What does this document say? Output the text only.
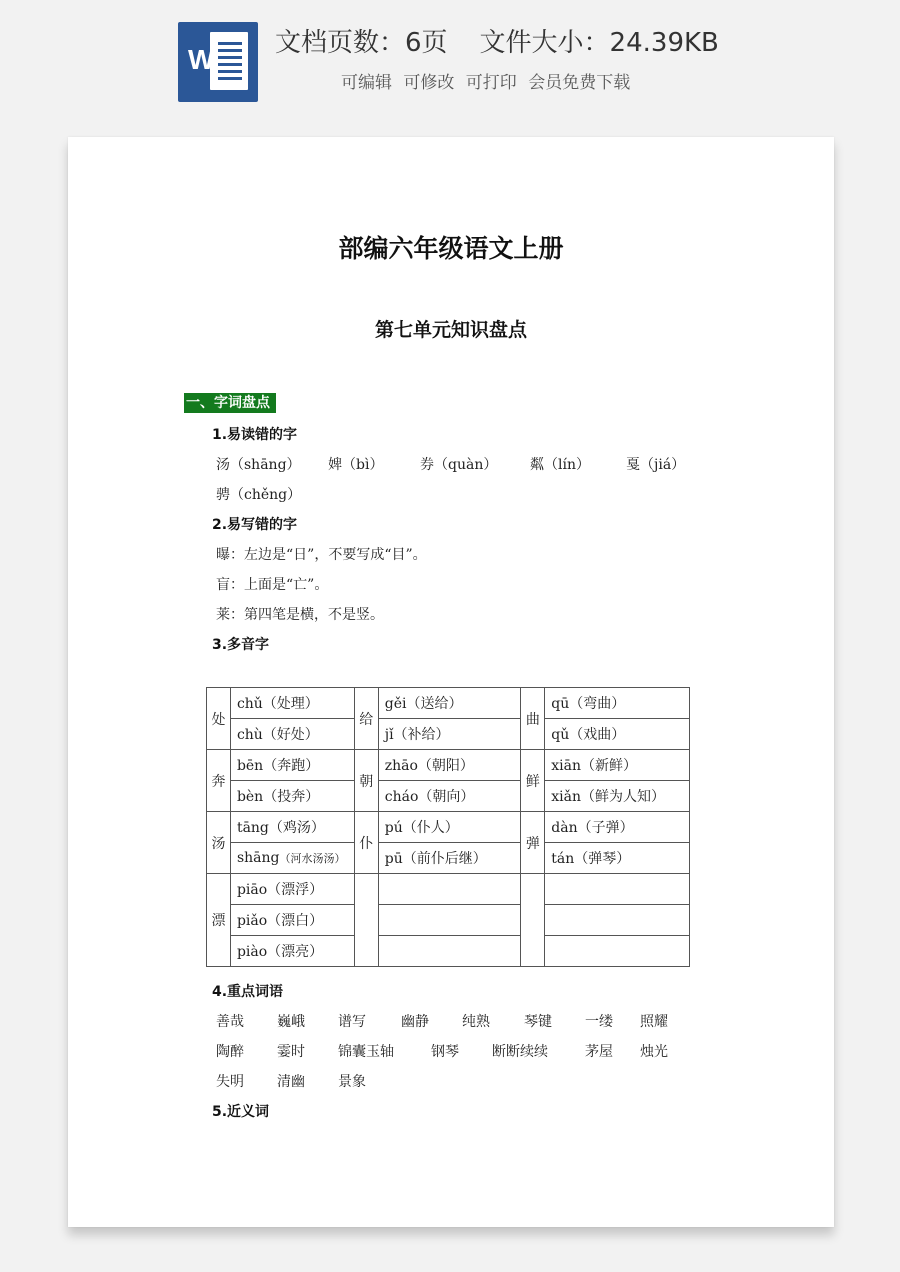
W
文档页数：6页 文件大小：24.39KB
可编辑 可修改 可打印 会员免费下载
部编六年级语文上册
第七单元知识盘点
一、字词盘点
1.易读错的字
汤（shāng） 婢（bì）	券（quàn） 粼（lín）	戛（jiá）
骋（chěng）
2.易写错的字
曝：左边是“日”，不要写成“目”。
盲：上面是“亡”。
莱：第四笔是横，不是竖。
3.多音字
处	chǔ（处理）	给	gěi（送给）	曲	qū（弯曲）
	chù（好处）		jǐ（补给）		qǔ（戏曲）
奔	bēn（奔跑）	朝	zhāo（朝阳）	鲜	xiān（新鲜）
	bèn（投奔）		cháo（朝向）		xiǎn（鲜为人知）
汤	tāng（鸡汤）	仆	pú（仆人）	弹	dàn（子弹）
	shāng（河水汤汤）		pū（前仆后继）		tán（弹琴）
漂	piāo（漂浮）				
	piǎo（漂白）				
	piào（漂亮）				
4.重点词语
善哉 巍峨 谱写	幽静 纯熟 琴键 一缕 照耀
陶醉 霎时 锦囊玉轴	钢琴 断断续续	茅屋 烛光
失明 清幽 景象
5.近义词
